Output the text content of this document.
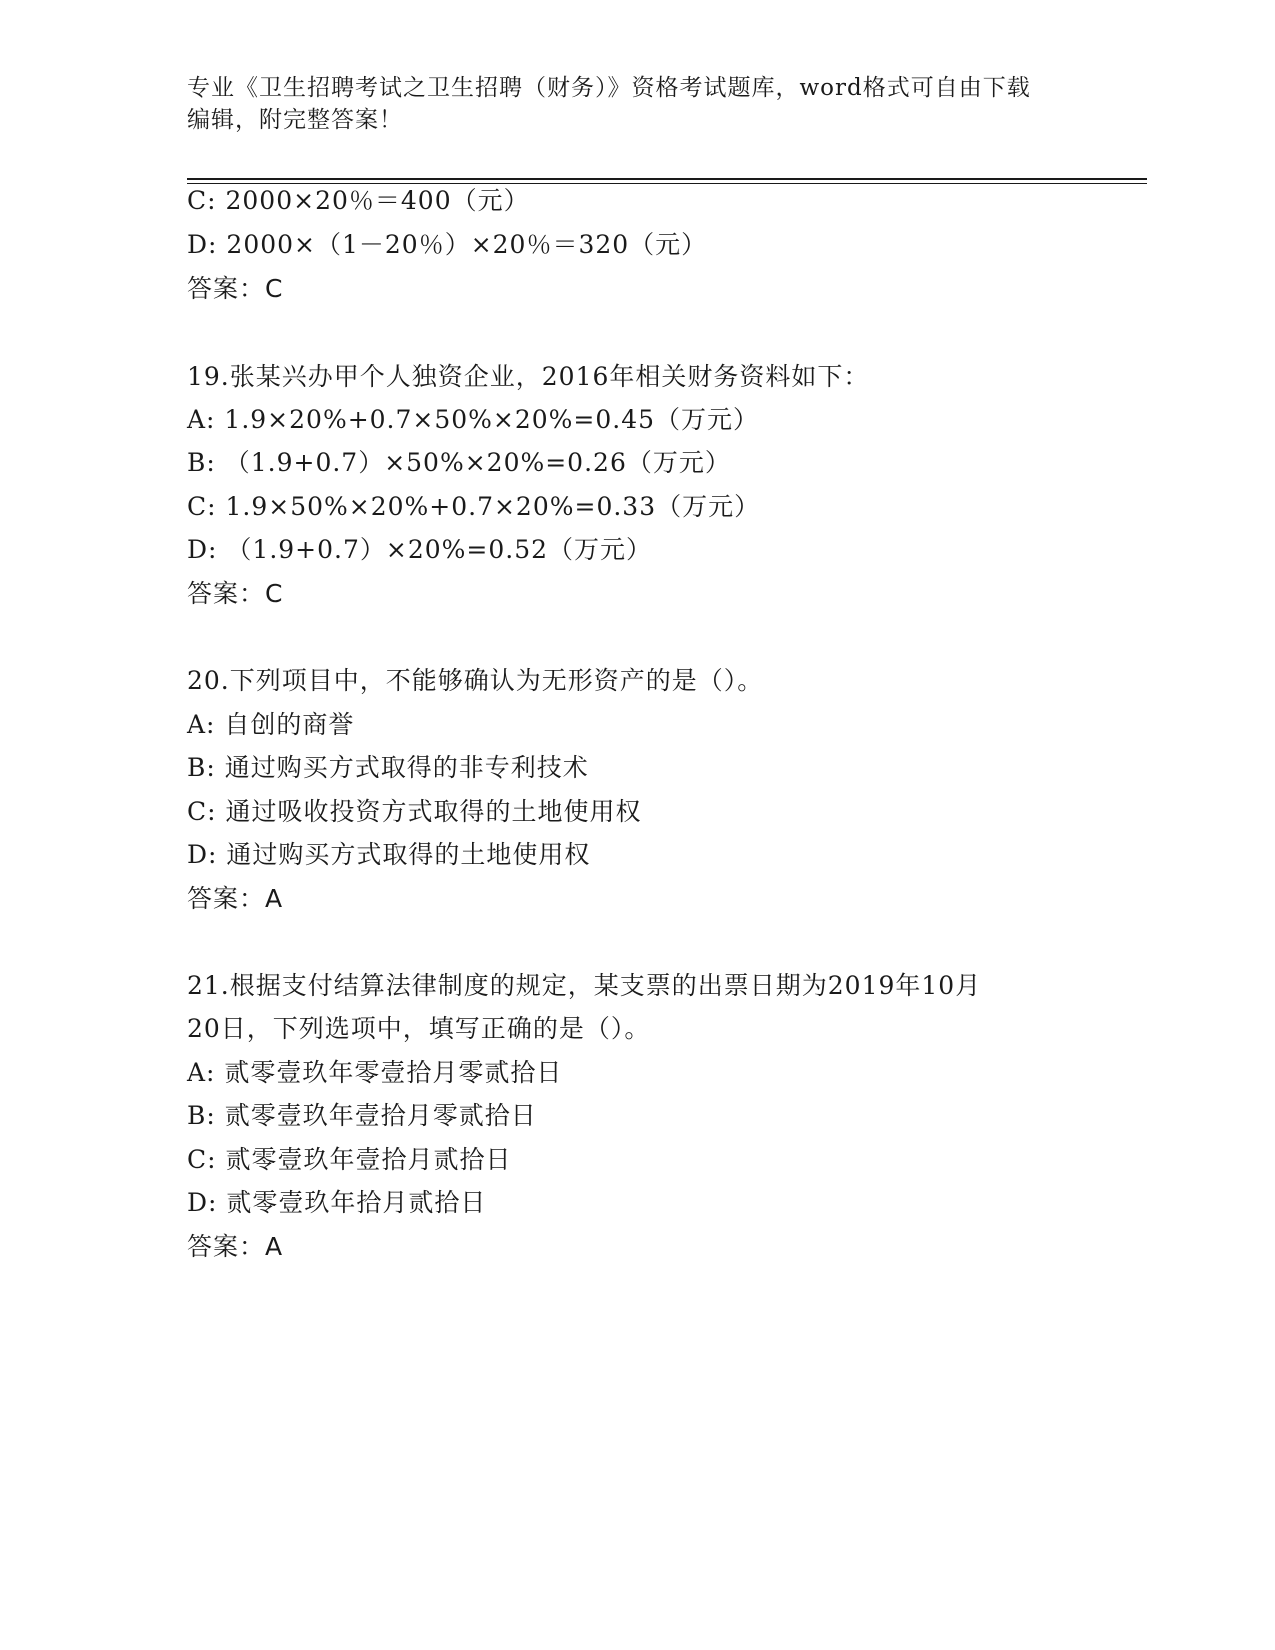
专业《卫生招聘考试之卫生招聘（财务）》资格考试题库，word格式可自由下载
编辑，附完整答案！
C: 2000×20％＝400（元）
D: 2000×（1－20％）×20％＝320（元）
答案：C
19.张某兴办甲个人独资企业，2016年相关财务资料如下：
A: 1.9×20%+0.7×50%×20%=0.45（万元）
B: （1.9+0.7）×50%×20%=0.26（万元）
C: 1.9×50%×20%+0.7×20%=0.33（万元）
D: （1.9+0.7）×20%=0.52（万元）
答案：C
20.下列项目中，不能够确认为无形资产的是（）。
A: 自创的商誉
B: 通过购买方式取得的非专利技术
C: 通过吸收投资方式取得的土地使用权
D: 通过购买方式取得的土地使用权
答案：A
21.根据支付结算法律制度的规定，某支票的出票日期为2019年10月
20日，下列选项中，填写正确的是（）。
A: 贰零壹玖年零壹拾月零贰拾日
B: 贰零壹玖年壹拾月零贰拾日
C: 贰零壹玖年壹拾月贰拾日
D: 贰零壹玖年拾月贰拾日
答案：A
